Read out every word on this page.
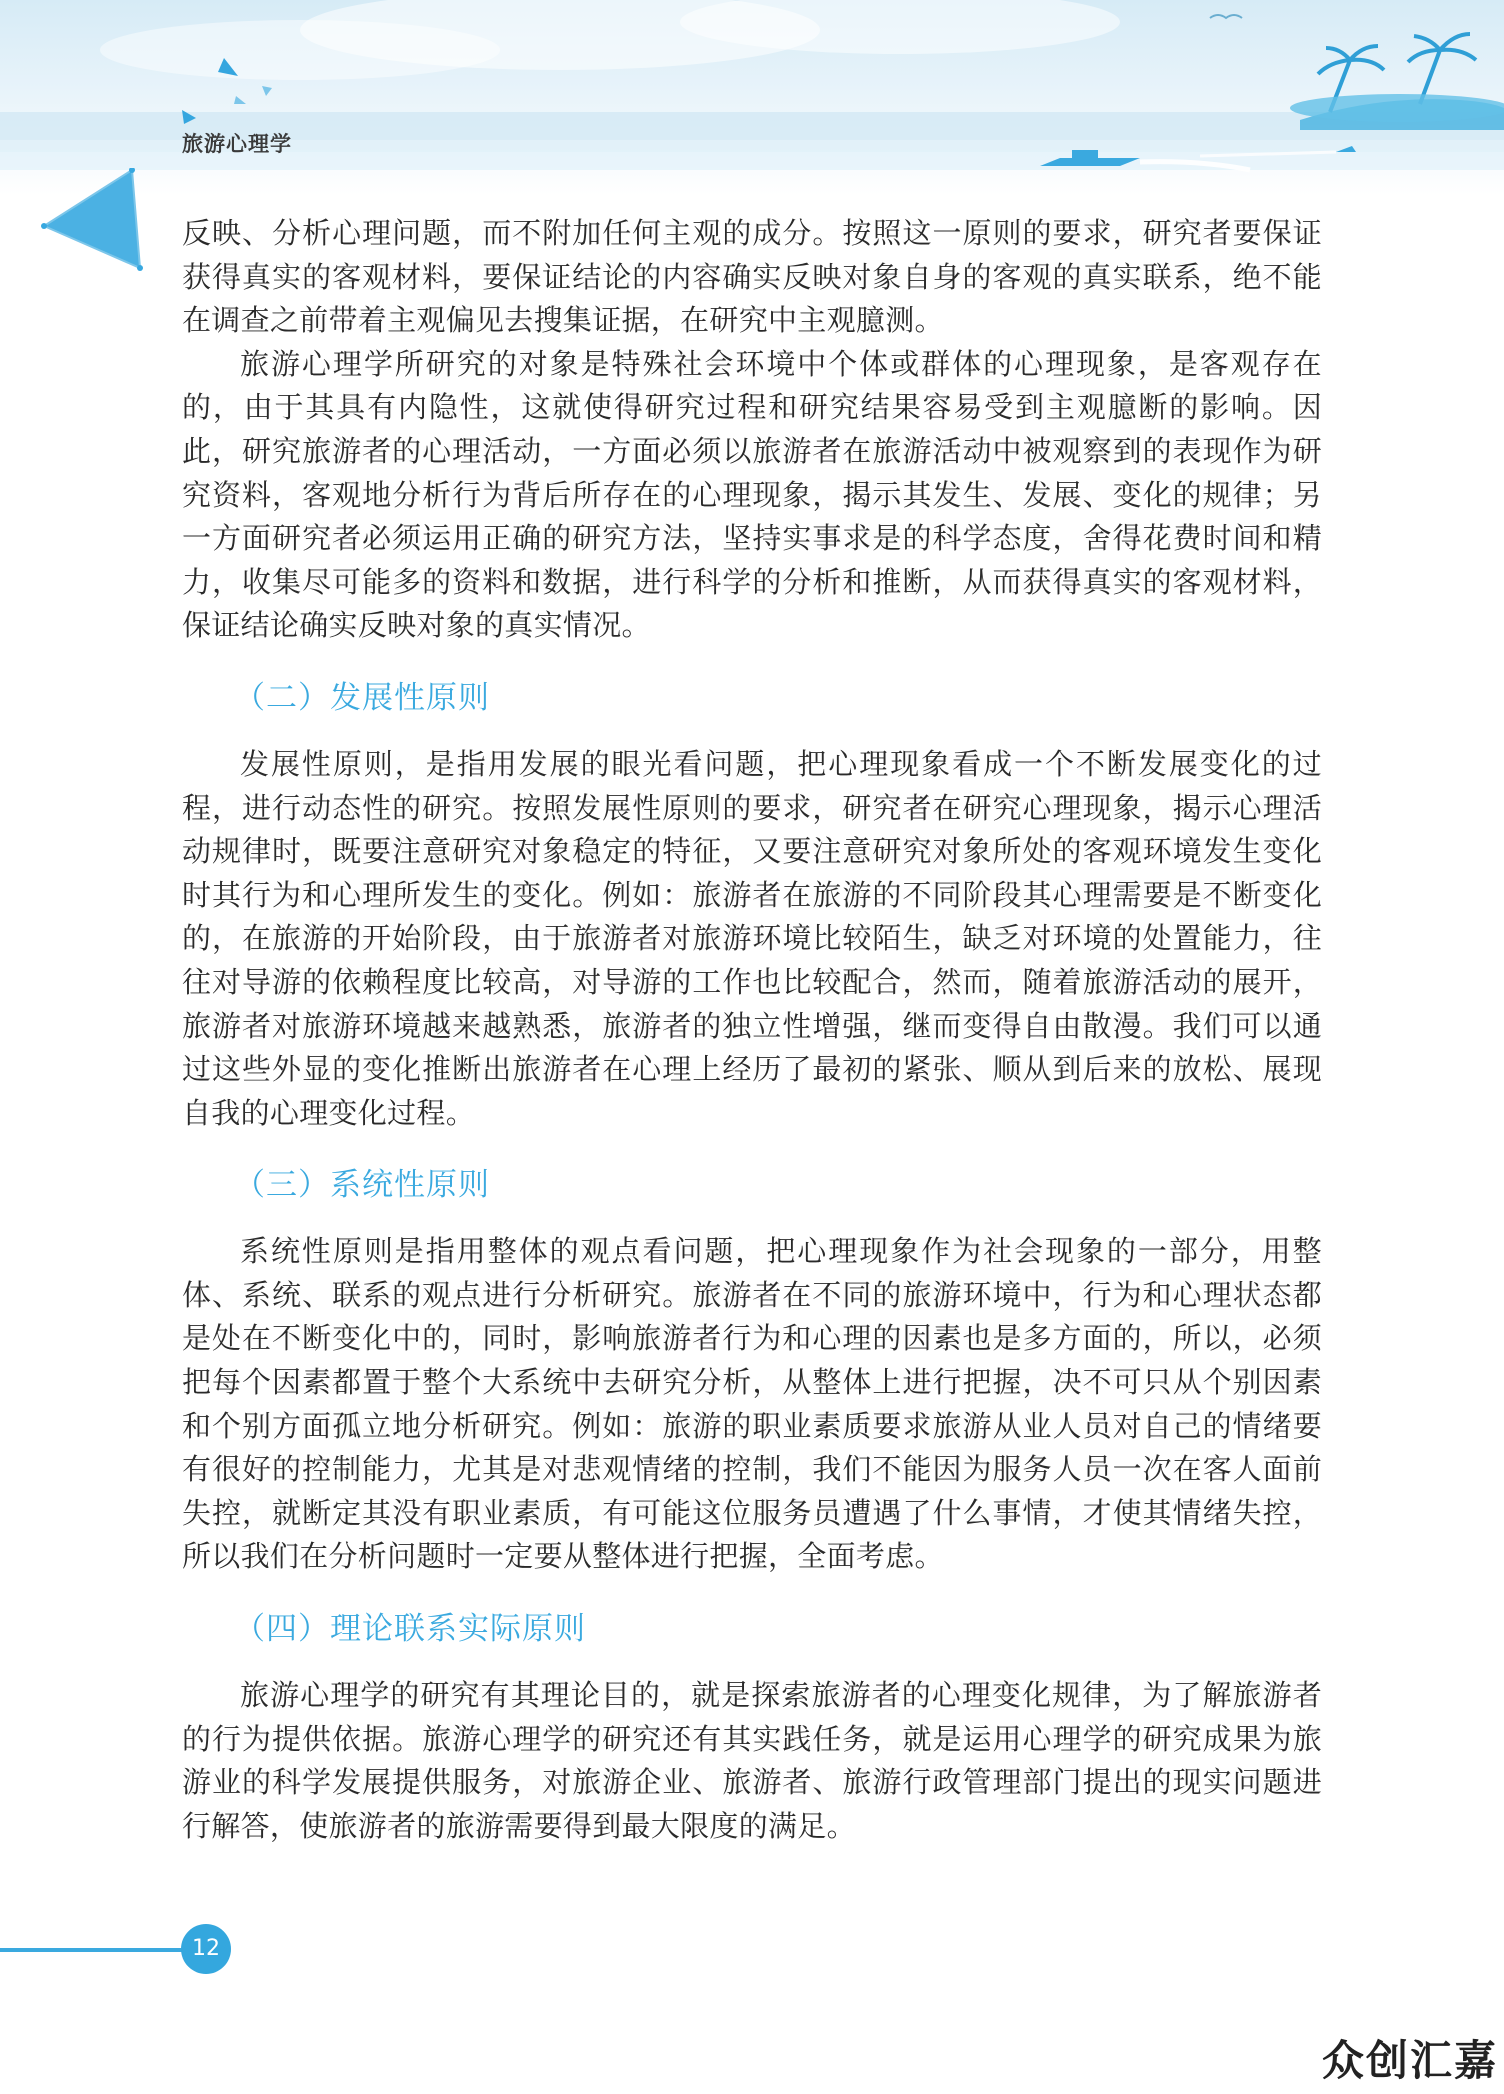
旅游心理学

反映、分析心理问题，而不附加任何主观的成分。按照这一原则的要求，研究者要保证获得真实的客观材料，要保证结论的内容确实反映对象自身的客观的真实联系，绝不能在调查之前带着主观偏见去搜集证据，在研究中主观臆测。

旅游心理学所研究的对象是特殊社会环境中个体或群体的心理现象，是客观存在的，由于其具有内隐性，这就使得研究过程和研究结果容易受到主观臆断的影响。因此，研究旅游者的心理活动，一方面必须以旅游者在旅游活动中被观察到的表现作为研究资料，客观地分析行为背后所存在的心理现象，揭示其发生、发展、变化的规律；另一方面研究者必须运用正确的研究方法，坚持实事求是的科学态度，舍得花费时间和精力，收集尽可能多的资料和数据，进行科学的分析和推断，从而获得真实的客观材料，保证结论确实反映对象的真实情况。

（二）发展性原则

发展性原则，是指用发展的眼光看问题，把心理现象看成一个不断发展变化的过程，进行动态性的研究。按照发展性原则的要求，研究者在研究心理现象，揭示心理活动规律时，既要注意研究对象稳定的特征，又要注意研究对象所处的客观环境发生变化时其行为和心理所发生的变化。例如：旅游者在旅游的不同阶段其心理需要是不断变化的，在旅游的开始阶段，由于旅游者对旅游环境比较陌生，缺乏对环境的处置能力，往往对导游的依赖程度比较高，对导游的工作也比较配合，然而，随着旅游活动的展开，旅游者对旅游环境越来越熟悉，旅游者的独立性增强，继而变得自由散漫。我们可以通过这些外显的变化推断出旅游者在心理上经历了最初的紧张、顺从到后来的放松、展现自我的心理变化过程。

（三）系统性原则

系统性原则是指用整体的观点看问题，把心理现象作为社会现象的一部分，用整体、系统、联系的观点进行分析研究。旅游者在不同的旅游环境中，行为和心理状态都是处在不断变化中的，同时，影响旅游者行为和心理的因素也是多方面的，所以，必须把每个因素都置于整个大系统中去研究分析，从整体上进行把握，决不可只从个别因素和个别方面孤立地分析研究。例如：旅游的职业素质要求旅游从业人员对自己的情绪要有很好的控制能力，尤其是对悲观情绪的控制，我们不能因为服务人员一次在客人面前失控，就断定其没有职业素质，有可能这位服务员遭遇了什么事情，才使其情绪失控，所以我们在分析问题时一定要从整体进行把握，全面考虑。

（四）理论联系实际原则

旅游心理学的研究有其理论目的，就是探索旅游者的心理变化规律，为了解旅游者的行为提供依据。旅游心理学的研究还有其实践任务，就是运用心理学的研究成果为旅游业的科学发展提供服务，对旅游企业、旅游者、旅游行政管理部门提出的现实问题进行解答，使旅游者的旅游需要得到最大限度的满足。

12
众创汇嘉
